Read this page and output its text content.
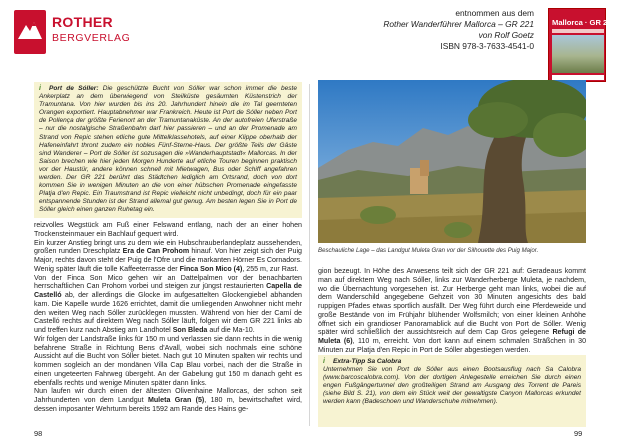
ROTHER
BERGVERLAG
entnommen aus dem
Rother Wanderführer Mallorca – GR 221
von Rolf Goetz
ISBN 978-3-7633-4541-0
Mallorca · GR 221

i Port de Sóller: Die geschützte Bucht von Sóller war schon immer die beste Ankerplatz an dem überwiegend von Steilküste gesäumten Küstenstrich der Tramuntana. Von hier wurden bis ins 20. Jahrhundert hinein die im Tal geernteten Orangen exportiert. Hauptabnehmer war Frankreich. Heute ist Port de Sóller neben Port de Pollença der größte Ferienort an der Tramuntanaküste. An der autofreien Uferstraße – nur die nostalgische Straßenbahn darf hier passieren – und an der Promenade am Strand von Repic stehen etliche gute Mittelklassehotels, auf einer Klippe oberhalb der Hafeneinfahrt thront zudem ein nobles Fünf-Sterne-Haus. Der größte Teils der Gäste sind Wanderer – Port de Sóller ist sozusagen die »Wanderhauptstadt« Mallorcas. In der Saison brechen wie hier jeden Morgen Hunderte auf etliche Touren beginnen praktisch vor der Haustür, andere können schnell mit Mietwagen, Bus oder Schiff angefahren werden. Der GR 221 berührt das Städtchen lediglich am Ortsrand, doch von dort kommen Sie in wenigen Minuten an die von einer hübschen Promenade eingefasste Platja d'en Repic. Ein Traumstrand ist Repic vielleicht nicht unbedingt, doch für ein paar entspannende Stunden ist der Strand allemal gut genug. Am besten legen Sie in Port de Sóller gleich einen ganzen Ruhetag ein.

reizvolles Wegstück am Fuß einer Felswand entlang, nach der an einer hohen Trockensteinmauer ein Bachlauf gequert wird.

Ein kurzer Anstieg bringt uns zu dem wie ein Hubschrauberlandeplatz aussehenden, großen runden Dreschplatz Era de Can Prohom hinauf. Von hier zeigt sich der Puig Major, rechts davon steht der Puig de l'Ofre und die markanten Hörner Es Cornadors. Wenig später läuft die tolle Kaffeeterrasse der Finca Son Mico (4), 255 m, zur Rast.

Von der Finca Son Mico gehen wir an Dattelpalmen vor der benachbarten herrschaftlichen Can Prohom vorbei und steigen zur jüngst restaurierten Capella de Castelló ab, der allerdings die Glocke im aufgesattelten Glockengiebel abhanden kam. Die Kapelle wurde 1626 errichtet, damit die umliegenden Anwohner nicht mehr den weiten Weg nach Sóller zurücklegen mussten. Während von hier der Camí de Castelló rechts auf direktem Weg nach Sóller läuft, folgen wir dem GR 221 links ab und treffen kurz nach Abstieg am Landhotel Son Bleda auf die Ma-10.

Wir folgen der Landstraße links für 150 m und verlassen sie dann rechts in die wenig befahrene Straße in Richtung Bens d'Avall, wobei sich nochmals eine schöne Aussicht auf die Bucht von Sóller bietet. Nach gut 10 Minuten spalten wir rechts und kommen sogleich an der mondänen Villa Cap Blau vorbei, nach der die Straße in einen ungeteerten Fahrweg übergeht. An der Gabelung gut 150 m danach geht es ebenfalls rechts und wenige Minuten später dann links.

Nun laufen wir durch einen der ältesten Olivenhaine Mallorcas, der schon seit Jahrhunderten von dem Landgut Muleta Gran (5), 180 m, bewirtschaftet wird, dessen imposanter Wehrturm bereits 1592 am Rande des Hains ge-

Beschauliche Lage – das Landgut Muleta Gran vor der Silhouette des Puig Major.

gion bezeugt. In Höhe des Anwesens teilt sich der GR 221 auf: Geradeaus kommt man auf direktem Weg nach Sóller, links zur Wanderherberge Muleta, je nachdem, wo die Übernachtung vorgesehen ist. Zur Herberge geht man links, wobei die auf dem Wanderschild angegebene Gehzeit von 30 Minuten angesichts des bald ruppigen Pfades etwas sportlich ausfällt. Der Weg führt durch eine Pferdeweide und große Bestände von im Frühjahr blühender Wolfsmilch; von einer kleinen Anhöhe öffnet sich ein grandioser Panoramablick auf die Bucht von Port de Sóller. Wenig später wird schließlich der aussichtsreich auf dem Cap Gros gelegene Refugi de Muleta (6), 110 m, erreicht. Von dort kann auf einem schmalen Sträßchen in 30 Minuten zur Platja d'en Repic in Port de Sóller abgestiegen werden.

i Extra-Tipp Sa Calobra

Unternehmen Sie von Port de Sóller aus einen Bootsausflug nach Sa Calobra (www.barcoscalobra.com). Von der dortigen Anlegestelle erreichen Sie durch einen engen Fußgängertunnel den großteiligen Strand am Ausgang des Torrent de Pareis (siehe Bild S. 21), von dem ein Stück weit der gewaltigste Canyon Mallorcas erkundet werden kann (Badeschoen und Wanderschuhe mitnehmen).

98	99
